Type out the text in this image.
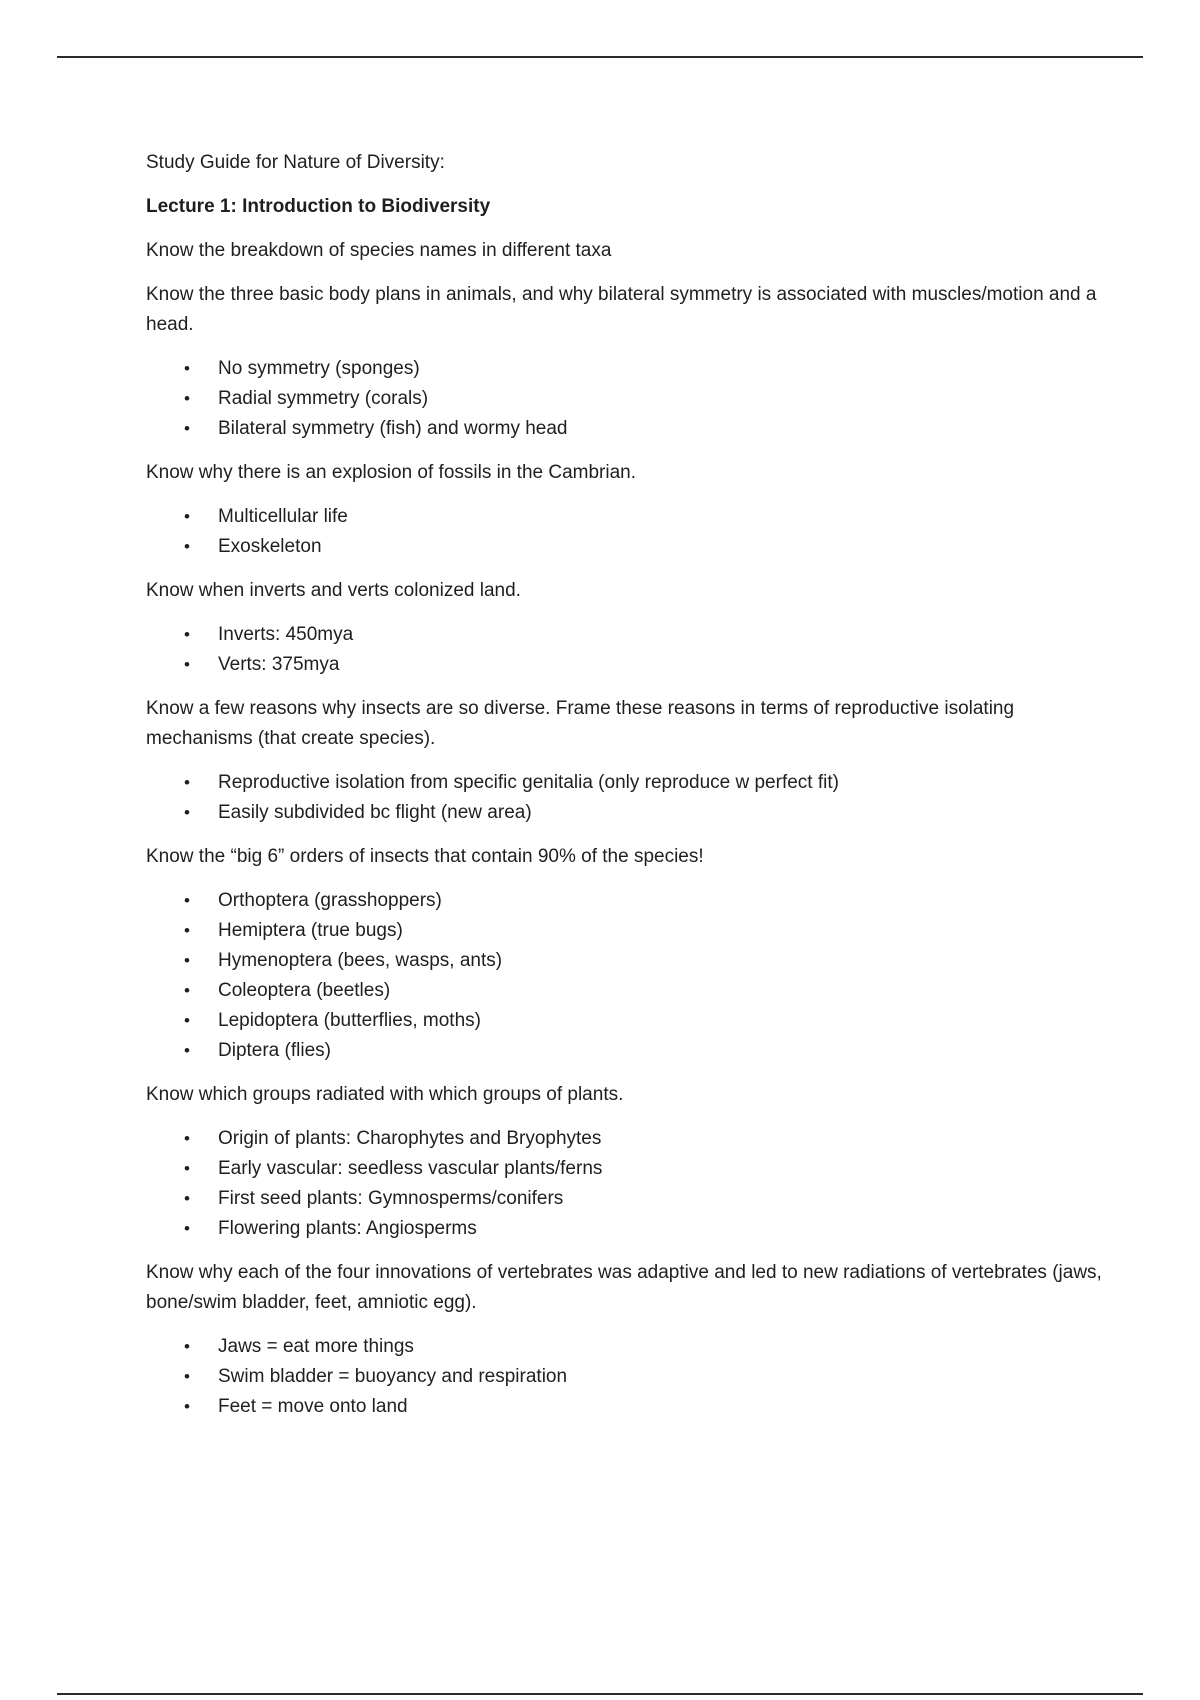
Study Guide for Nature of Diversity:

Lecture 1: Introduction to Biodiversity

Know the breakdown of species names in different taxa

Know the three basic body plans in animals, and why bilateral symmetry is associated with muscles/motion and a head.

• No symmetry (sponges)
• Radial symmetry (corals)
• Bilateral symmetry (fish) and wormy head

Know why there is an explosion of fossils in the Cambrian.

• Multicellular life
• Exoskeleton

Know when inverts and verts colonized land.

• Inverts: 450mya
• Verts: 375mya

Know a few reasons why insects are so diverse. Frame these reasons in terms of reproductive isolating mechanisms (that create species).

• Reproductive isolation from specific genitalia (only reproduce w perfect fit)
• Easily subdivided bc flight (new area)

Know the “big 6” orders of insects that contain 90% of the species!

• Orthoptera (grasshoppers)
• Hemiptera (true bugs)
• Hymenoptera (bees, wasps, ants)
• Coleoptera (beetles)
• Lepidoptera (butterflies, moths)
• Diptera (flies)

Know which groups radiated with which groups of plants.

• Origin of plants: Charophytes and Bryophytes
• Early vascular: seedless vascular plants/ferns
• First seed plants: Gymnosperms/conifers
• Flowering plants: Angiosperms

Know why each of the four innovations of vertebrates was adaptive and led to new radiations of vertebrates (jaws, bone/swim bladder, feet, amniotic egg).

• Jaws = eat more things
• Swim bladder = buoyancy and respiration
• Feet = move onto land
